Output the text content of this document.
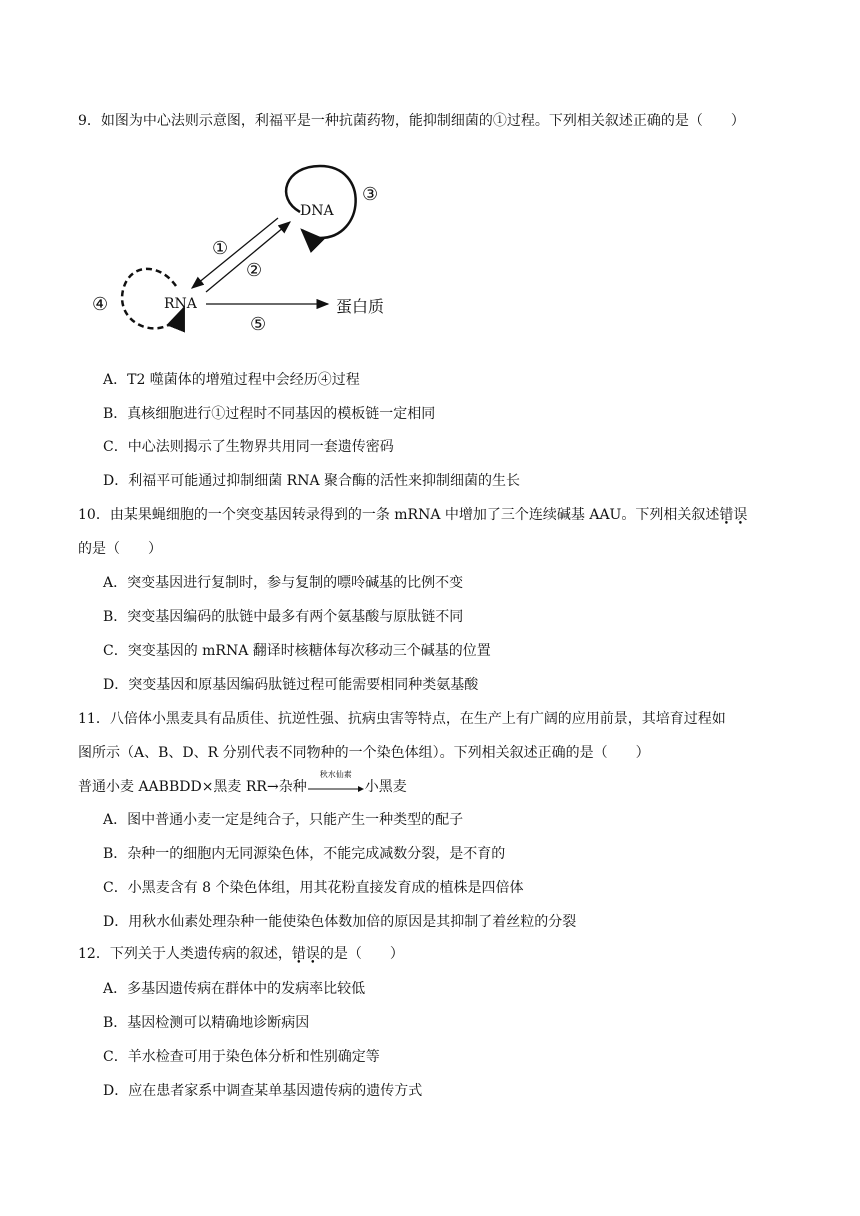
9．如图为中心法则示意图，利福平是一种抗菌药物，能抑制细菌的①过程。下列相关叙述正确的是（　　）
DNA
RNA	蛋白质
①
②
③
④
⑤
A．T2 噬菌体的增殖过程中会经历④过程
B．真核细胞进行①过程时不同基因的模板链一定相同
C．中心法则揭示了生物界共用同一套遗传密码
D．利福平可能通过抑制细菌 RNA 聚合酶的活性来抑制细菌的生长
10．由某果蝇细胞的一个突变基因转录得到的一条 mRNA 中增加了三个连续碱基 AAU。下列相关叙述错误
的是（　　）
A．突变基因进行复制时，参与复制的嘌呤碱基的比例不变
B．突变基因编码的肽链中最多有两个氨基酸与原肽链不同
C．突变基因的 mRNA 翻译时核糖体每次移动三个碱基的位置
D．突变基因和原基因编码肽链过程可能需要相同种类氨基酸
11．八倍体小黑麦具有品质佳、抗逆性强、抗病虫害等特点，在生产上有广阔的应用前景，其培育过程如
图所示（A、B、D、R 分别代表不同物种的一个染色体组）。下列相关叙述正确的是（　　）
普通小麦 AABBDD×黑麦 RR→杂种
秋水仙素
小黑麦
A．图中普通小麦一定是纯合子，只能产生一种类型的配子
B．杂种一的细胞内无同源染色体，不能完成减数分裂，是不育的
C．小黑麦含有 8 个染色体组，用其花粉直接发育成的植株是四倍体
D．用秋水仙素处理杂种一能使染色体数加倍的原因是其抑制了着丝粒的分裂
12．下列关于人类遗传病的叙述，错误的是（　　）
A．多基因遗传病在群体中的发病率比较低
B．基因检测可以精确地诊断病因
C．羊水检查可用于染色体分析和性别确定等
D．应在患者家系中调查某单基因遗传病的遗传方式
